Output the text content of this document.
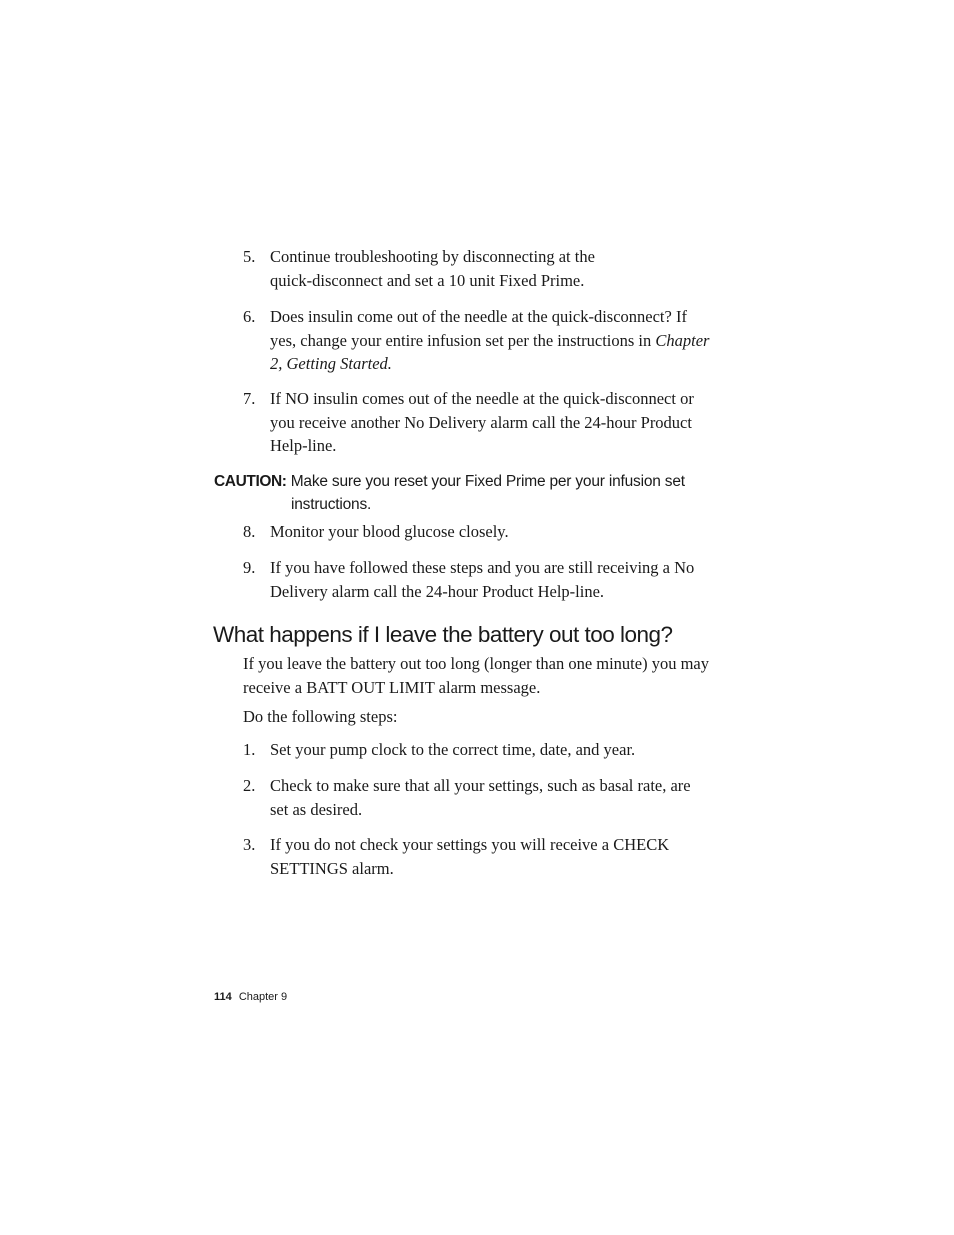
5. Continue troubleshooting by disconnecting at the quick-disconnect and set a 10 unit Fixed Prime.
6. Does insulin come out of the needle at the quick-disconnect? If yes, change your entire infusion set per the instructions in Chapter 2, Getting Started.
7. If NO insulin comes out of the needle at the quick-disconnect or you receive another No Delivery alarm call the 24-hour Product Help-line.
CAUTION: Make sure you reset your Fixed Prime per your infusion set
instructions.
8. Monitor your blood glucose closely.
9. If you have followed these steps and you are still receiving a No Delivery alarm call the 24-hour Product Help-line.
What happens if I leave the battery out too long?
If you leave the battery out too long (longer than one minute) you may receive a BATT OUT LIMIT alarm message.
Do the following steps:
1. Set your pump clock to the correct time, date, and year.
2. Check to make sure that all your settings, such as basal rate, are set as desired.
3. If you do not check your settings you will receive a CHECK SETTINGS alarm.
114 Chapter 9
